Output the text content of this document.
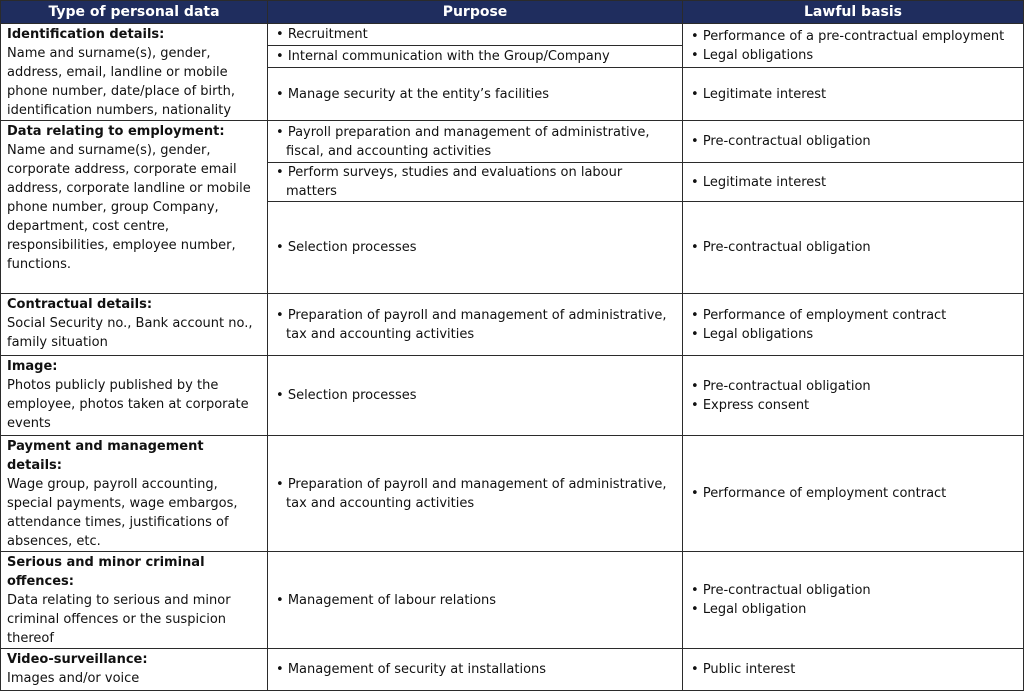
Type of personal data	Purpose	Lawful basis

Identification details:
Name and surname(s), gender, address, email, landline or mobile phone number, date/place of birth, identification numbers, nationality	• Recruitment	• Performance of a pre-contractual employment
• Legal obligations

	• Internal communication with the Group/Company

	• Manage security at the entity’s facilities	• Legitimate interest

Data relating to employment:
Name and surname(s), gender, corporate address, corporate email address, corporate landline or mobile phone number, group Company, department, cost centre, responsibilities, employee number, functions.	• Payroll preparation and management of administrative, fiscal, and accounting activities	• Pre-contractual obligation

	• Perform surveys, studies and evaluations on labour matters	• Legitimate interest

	• Selection processes	• Pre-contractual obligation

Contractual details:
Social Security no., Bank account no., family situation	• Preparation of payroll and management of administrative, tax and accounting activities	• Performance of employment contract
• Legal obligations

Image:
Photos publicly published by the employee, photos taken at corporate events	• Selection processes	• Pre-contractual obligation
• Express consent

Payment and management details:
Wage group, payroll accounting, special payments, wage embargos, attendance times, justifications of absences, etc.	• Preparation of payroll and management of administrative, tax and accounting activities	• Performance of employment contract

Serious and minor criminal offences:
Data relating to serious and minor criminal offences or the suspicion thereof	• Management of labour relations	• Pre-contractual obligation
• Legal obligation

Video-surveillance:
Images and/or voice	• Management of security at installations	• Public interest
